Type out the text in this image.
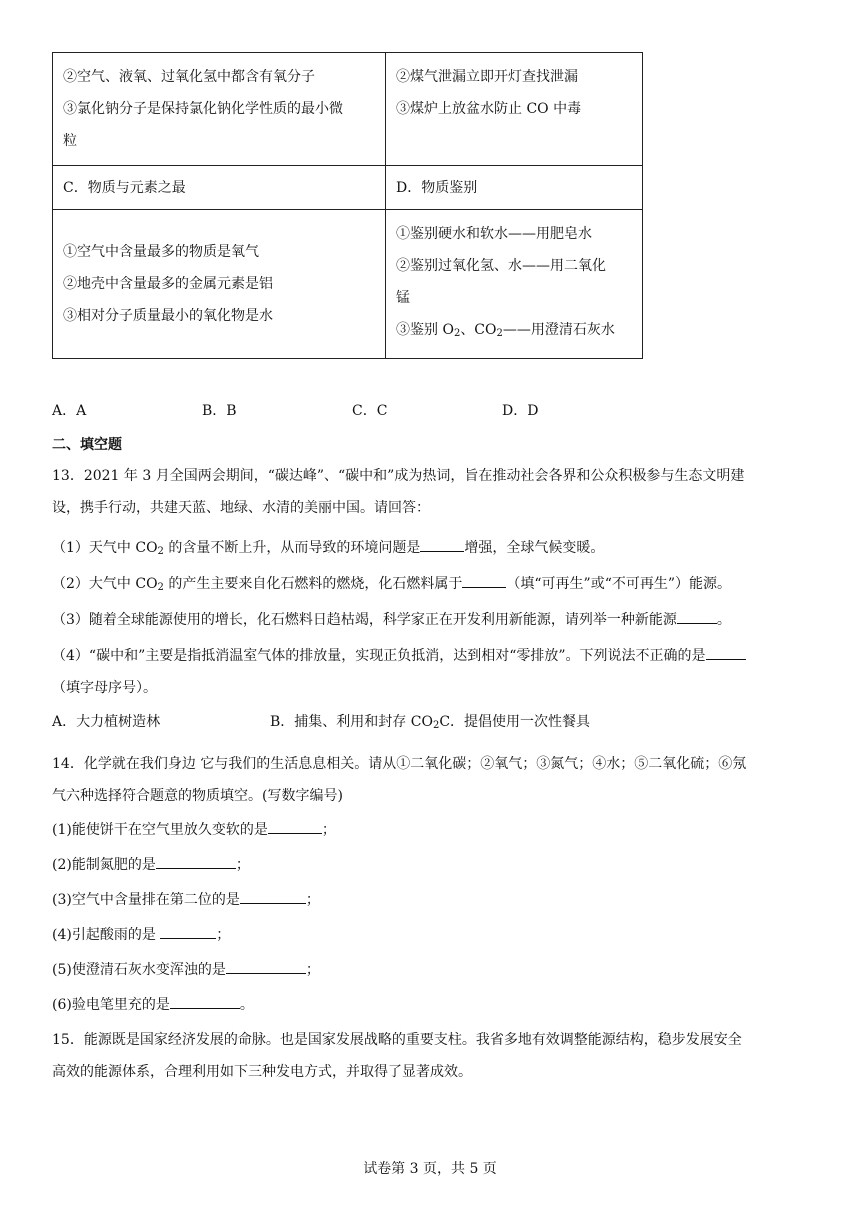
②空气、液氧、过氧化氢中都含有氧分子
③氯化钠分子是保持氯化钠化学性质的最小微
粒	②煤气泄漏立即开灯查找泄漏
③煤炉上放盆水防止 CO 中毒

C．物质与元素之最	D．物质鉴别

①空气中含量最多的物质是氧气
②地壳中含量最多的金属元素是铝
③相对分子质量最小的氧化物是水	①鉴别硬水和软水——用肥皂水
②鉴别过氧化氢、水——用二氧化
锰
③鉴别 $O_2$、$CO_2——$用澄清石灰水
A．A	B．B	C．C	D．D
二、填空题
13．2021 年 3 月全国两会期间，“碳达峰”、“碳中和”成为热词，旨在推动社会各界和公众积极参与生态文明建
设，携手行动，共建天蓝、地绿、水清的美丽中国。请回答：
（1）天气中 $CO_2$ 的含量不断上升，从而导致的环境问题是	增强，全球气候变暖。
（2）大气中 $CO_2$ 的产生主要来自化石燃料的燃烧，化石燃料属于	（填“可再生”或“不可再生”）能源。
（3）随着全球能源使用的增长，化石燃料日趋枯竭，科学家正在开发利用新能源，请列举一种新能源	。
（4）“碳中和”主要是指抵消温室气体的排放量，实现正负抵消，达到相对“零排放”。下列说法不正确的是
（填字母序号）。
A．大力植树造林	B．捕集、利用和封存 $CO_2$ C．提倡使用一次性餐具
14．化学就在我们身边 它与我们的生活息息相关。请从①二氧化碳；②氧气；③氮气；④水；⑤二氧化硫；⑥氖
气六种选择符合题意的物质填空。(写数字编号)
(1)能使饼干在空气里放久变软的是	；
(2)能制氮肥的是	；
(3)空气中含量排在第二位的是	；
(4)引起酸雨的是	；
(5)使澄清石灰水变浑浊的是	；
(6)验电笔里充的是	。
15．能源既是国家经济发展的命脉。也是国家发展战略的重要支柱。我省多地有效调整能源结构，稳步发展安全
高效的能源体系，合理利用如下三种发电方式，并取得了显著成效。
试卷第 3 页，共 5 页
